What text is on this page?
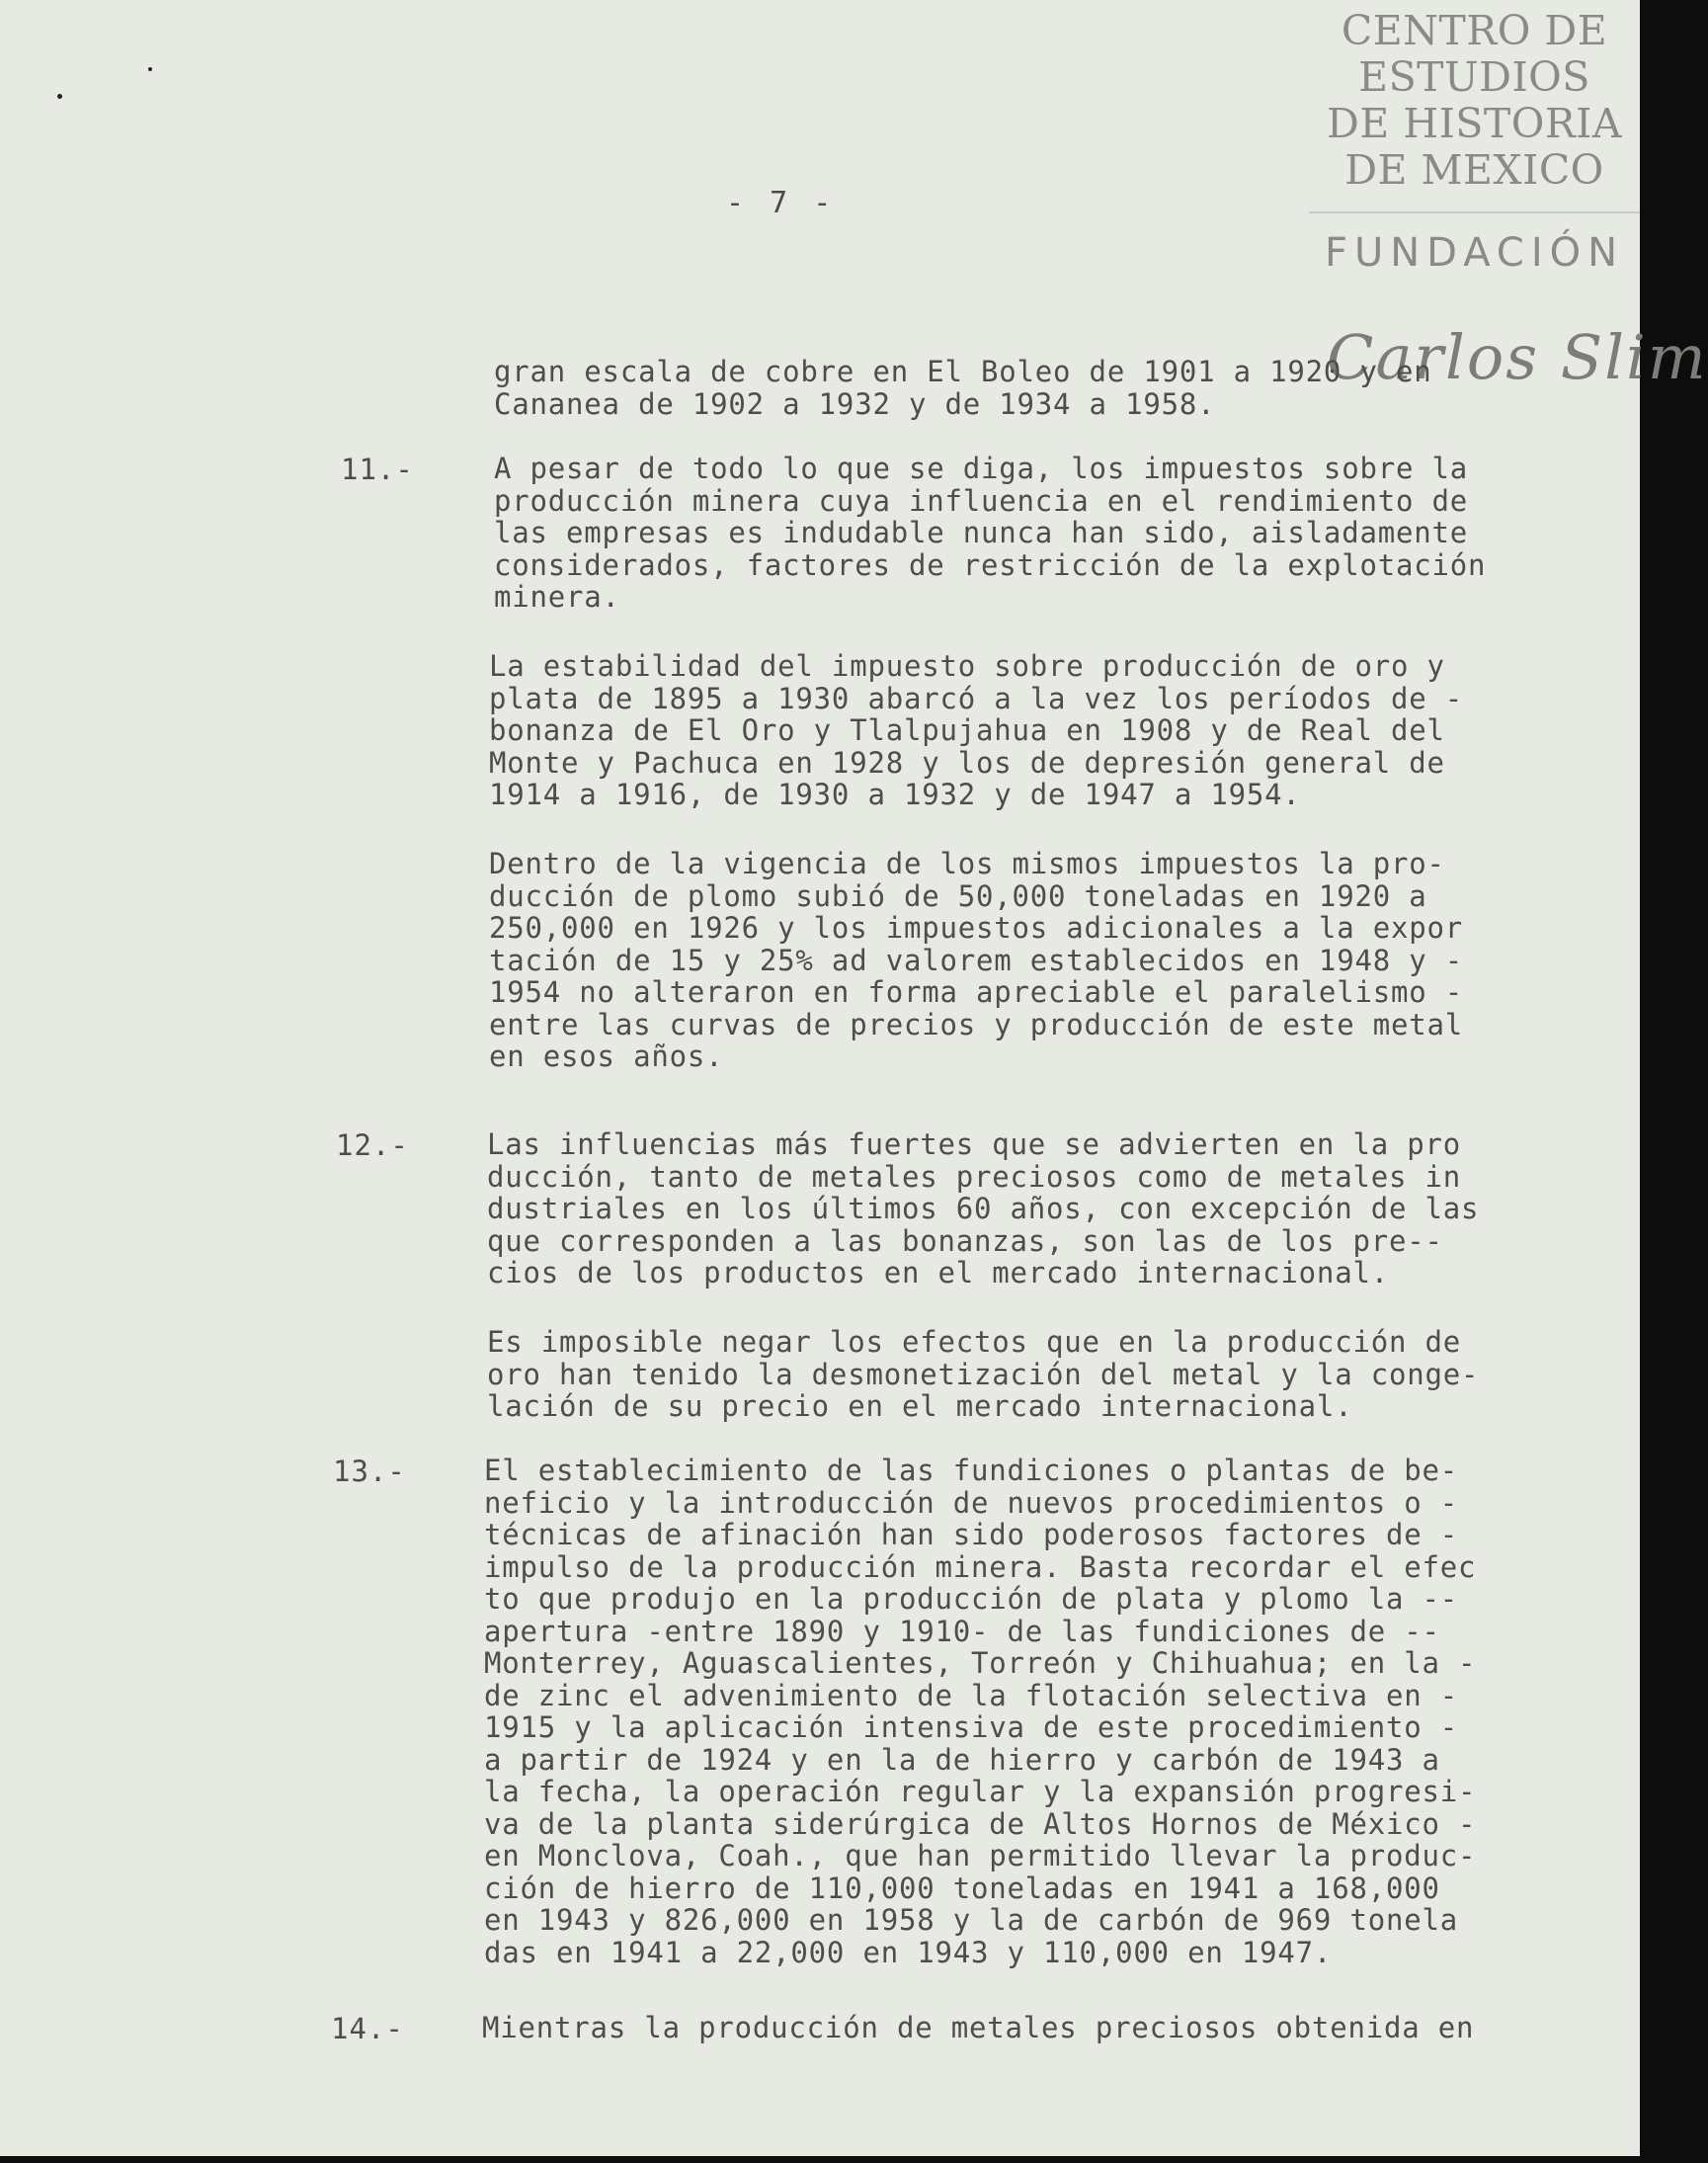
CENTRO DE
ESTUDIOS
DE HISTORIA
DE MEXICO
FUNDACIÓN
Carlos Slim
- 7 -
gran escala de cobre en El Boleo de 1901 a 1920 y en
Cananea de 1902 a 1932 y de 1934 a 1958.
11.-	A pesar de todo lo que se diga, los impuestos sobre la
producción minera cuya influencia en el rendimiento de
las empresas es indudable nunca han sido, aisladamente
considerados, factores de restricción de la explotación
minera.
La estabilidad del impuesto sobre producción de oro y
plata de 1895 a 1930 abarcó a la vez los períodos de -
bonanza de El Oro y Tlalpujahua en 1908 y de Real del
Monte y Pachuca en 1928 y los de depresión general de
1914 a 1916, de 1930 a 1932 y de 1947 a 1954.
Dentro de la vigencia de los mismos impuestos la pro-
ducción de plomo subió de 50,000 toneladas en 1920 a
250,000 en 1926 y los impuestos adicionales a la expor
tación de 15 y 25% ad valorem establecidos en 1948 y -
1954 no alteraron en forma apreciable el paralelismo -
entre las curvas de precios y producción de este metal
en esos años.
12.-	Las influencias más fuertes que se advierten en la pro
ducción, tanto de metales preciosos como de metales in
dustriales en los últimos 60 años, con excepción de las
que corresponden a las bonanzas, son las de los pre--
cios de los productos en el mercado internacional.
Es imposible negar los efectos que en la producción de
oro han tenido la desmonetización del metal y la conge-
lación de su precio en el mercado internacional.
13.-	El establecimiento de las fundiciones o plantas de be-
neficio y la introducción de nuevos procedimientos o -
técnicas de afinación han sido poderosos factores de -
impulso de la producción minera. Basta recordar el efec
to que produjo en la producción de plata y plomo la --
apertura -entre 1890 y 1910- de las fundiciones de --
Monterrey, Aguascalientes, Torreón y Chihuahua; en la -
de zinc el advenimiento de la flotación selectiva en -
1915 y la aplicación intensiva de este procedimiento -
a partir de 1924 y en la de hierro y carbón de 1943 a
la fecha, la operación regular y la expansión progresi-
va de la planta siderúrgica de Altos Hornos de México -
en Monclova, Coah., que han permitido llevar la produc-
ción de hierro de 110,000 toneladas en 1941 a 168,000
en 1943 y 826,000 en 1958 y la de carbón de 969 tonela
das en 1941 a 22,000 en 1943 y 110,000 en 1947.
14.-	Mientras la producción de metales preciosos obtenida en
